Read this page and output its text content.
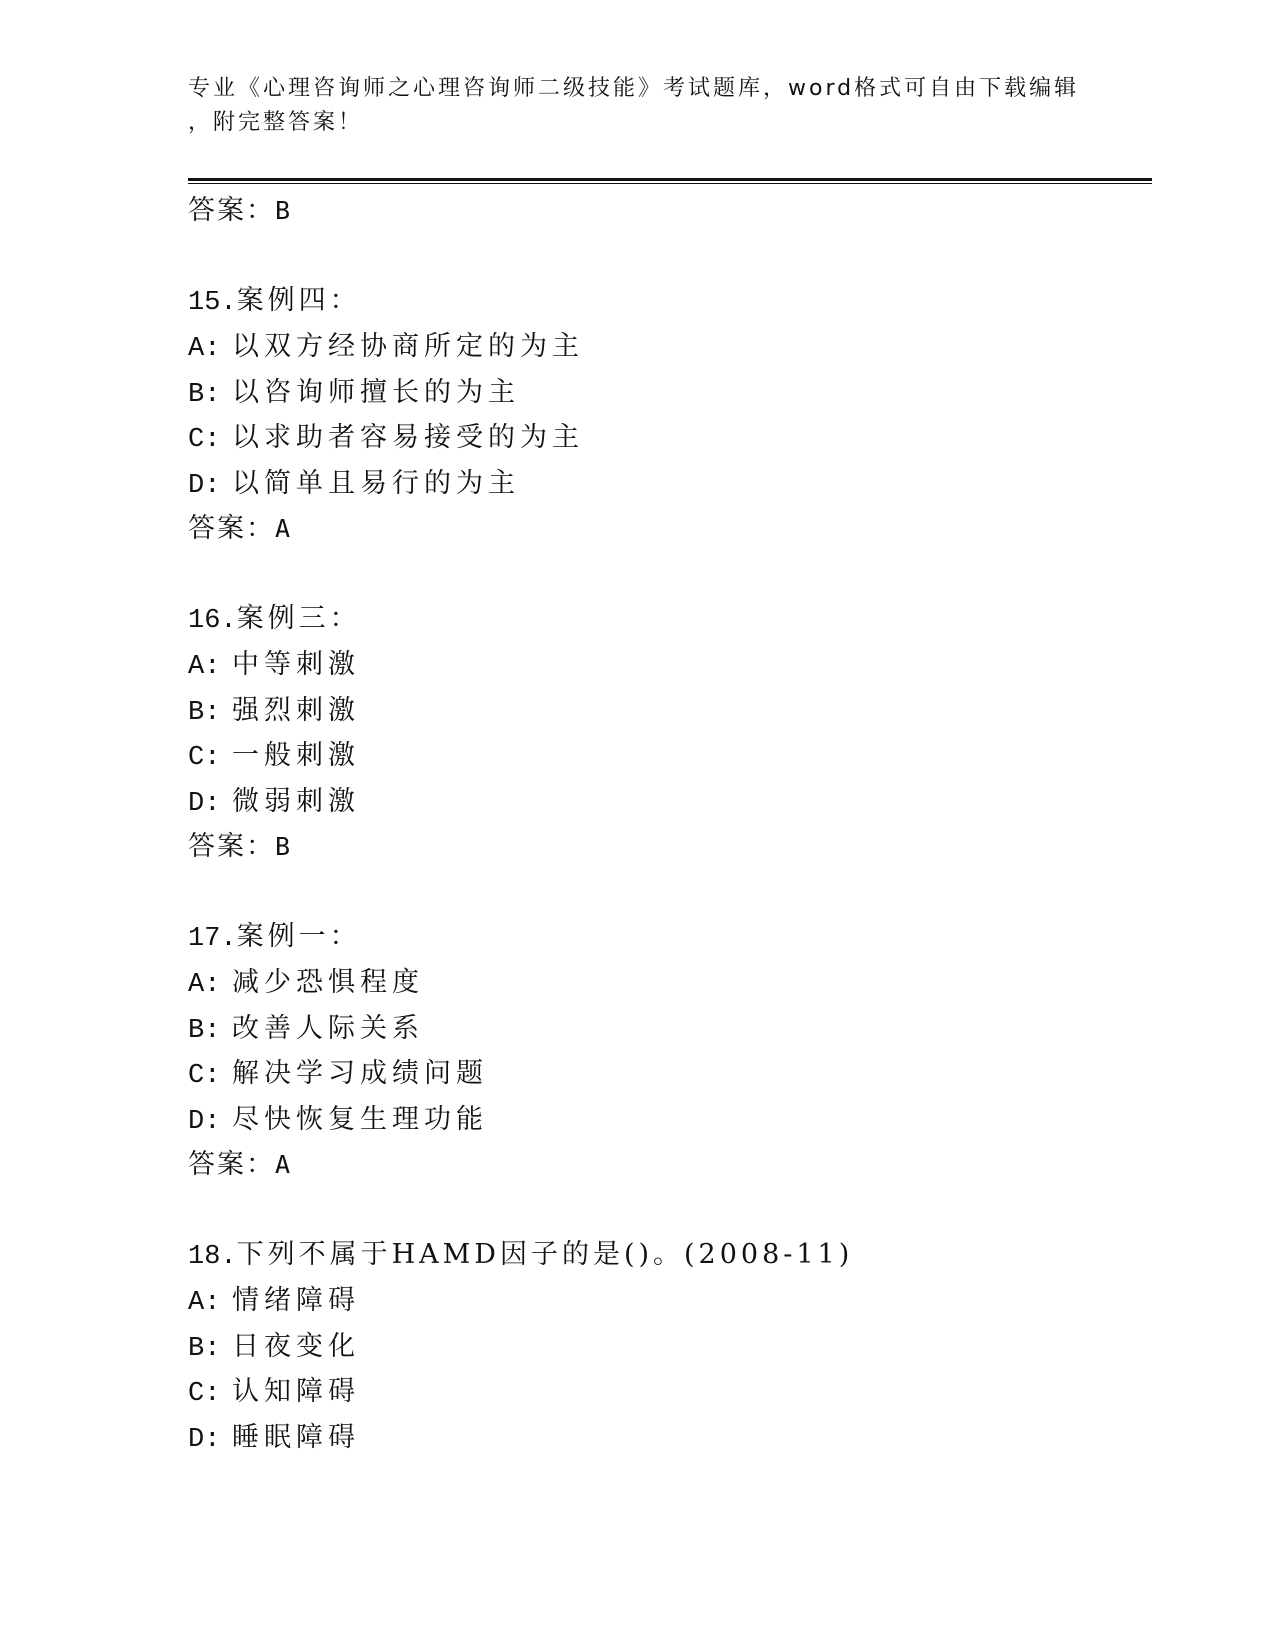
专业《心理咨询师之心理咨询师二级技能》考试题库，word格式可自由下载编辑
，附完整答案！
答案：B
15.案例四：
A: 以双方经协商所定的为主
B: 以咨询师擅长的为主
C: 以求助者容易接受的为主
D: 以简单且易行的为主
答案：A
16.案例三：
A: 中等刺激
B: 强烈刺激
C: 一般刺激
D: 微弱刺激
答案：B
17.案例一：
A: 减少恐惧程度
B: 改善人际关系
C: 解决学习成绩问题
D: 尽快恢复生理功能
答案：A
18.下列不属于HAMD因子的是()。(2008-11)
A: 情绪障碍
B: 日夜变化
C: 认知障碍
D: 睡眠障碍
